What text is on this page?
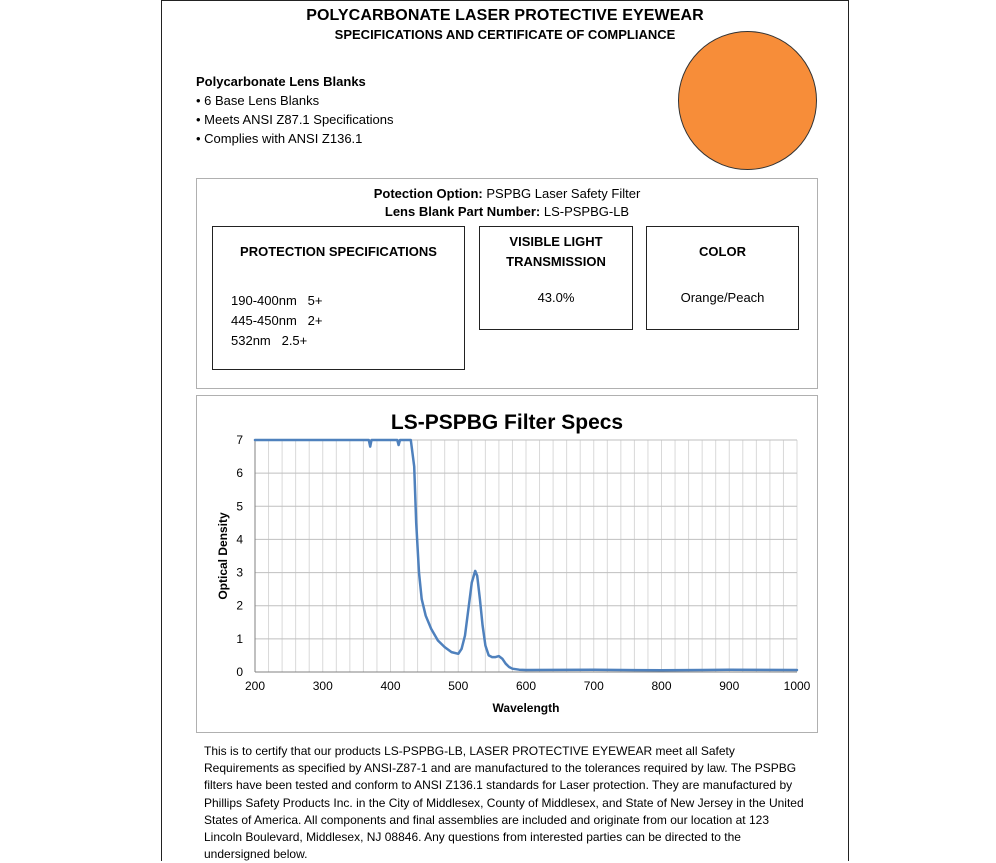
POLYCARBONATE LASER PROTECTIVE EYEWEAR
SPECIFICATIONS AND CERTIFICATE OF COMPLIANCE
Polycarbonate Lens Blanks
• 6 Base Lens Blanks
• Meets ANSI Z87.1 Specifications
• Complies with ANSI Z136.1
Potection Option: PSPBG Laser Safety Filter
Lens Blank Part Number: LS-PSPBG-LB
PROTECTION SPECIFICATIONS
190-400nm   5+
445-450nm   2+
532nm   2.5+
VISIBLE LIGHT
TRANSMISSION
43.0%
COLOR
Orange/Peach
0
1
2
3
4
5
6
7
200	300	400	500	600	700	800	900	1000
LS-PSPBG Filter Specs
Wavelength
Optical Density
This is to certify that our products LS-PSPBG-LB, LASER PROTECTIVE EYEWEAR meet all Safety Requirements as specified by ANSI-Z87-1 and are manufactured to the tolerances required by law. The PSPBG filters have been tested and conform to ANSI Z136.1 standards for Laser protection. They are manufactured by Phillips Safety Products Inc. in the City of Middlesex, County of Middlesex, and State of New Jersey in the United States of America. All components and final assemblies are included and originate from our location at 123 Lincoln Boulevard, Middlesex, NJ 08846. Any questions from interested parties can be directed to the undersigned below.
